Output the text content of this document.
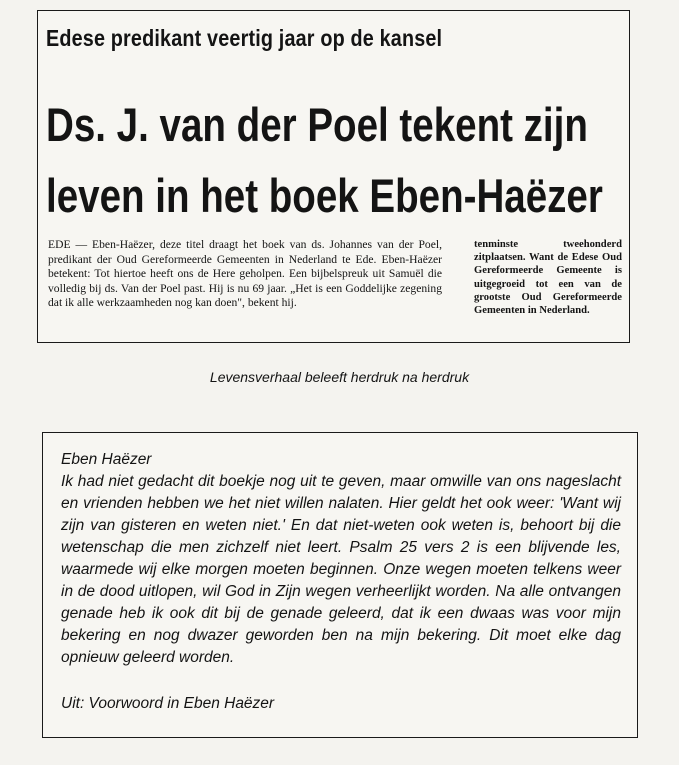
Edese predikant veertig jaar op de kansel
Ds. J. van der Poel tekent zijn
leven in het boek Eben-Haëzer
EDE — Eben-Haëzer, deze titel draagt het boek van ds. Johannes van der Poel, predikant der Oud Gereformeerde Gemeenten in Nederland te Ede. Eben-Haëzer betekent: Tot hiertoe heeft ons de Here geholpen. Een bijbelspreuk uit Samuël die volledig bij ds. Van der Poel past. Hij is nu 69 jaar. „Het is een Goddelijke zegening dat ik alle werkzaamheden nog kan doen", bekent hij.
tenminste tweehonderd zitplaatsen. Want de Edese Oud Gereformeerde Gemeente is uitgegroeid tot een van de grootste Oud Gereformeerde Gemeenten in Nederland.
Levensverhaal beleeft herdruk na herdruk
Eben Haëzer
Ik had niet gedacht dit boekje nog uit te geven, maar omwille van ons nageslacht en vrienden hebben we het niet willen nalaten. Hier geldt het ook weer: 'Want wij zijn van gisteren en weten niet.' En dat niet-weten ook weten is, behoort bij die wetenschap die men zichzelf niet leert. Psalm 25 vers 2 is een blijvende les, waarmede wij elke morgen moeten beginnen. Onze wegen moeten telkens weer in de dood uitlopen, wil God in Zijn wegen verheerlijkt worden. Na alle ontvangen genade heb ik ook dit bij de genade geleerd, dat ik een dwaas was voor mijn bekering en nog dwazer geworden ben na mijn bekering. Dit moet elke dag opnieuw geleerd worden.
Uit: Voorwoord in Eben Haëzer
